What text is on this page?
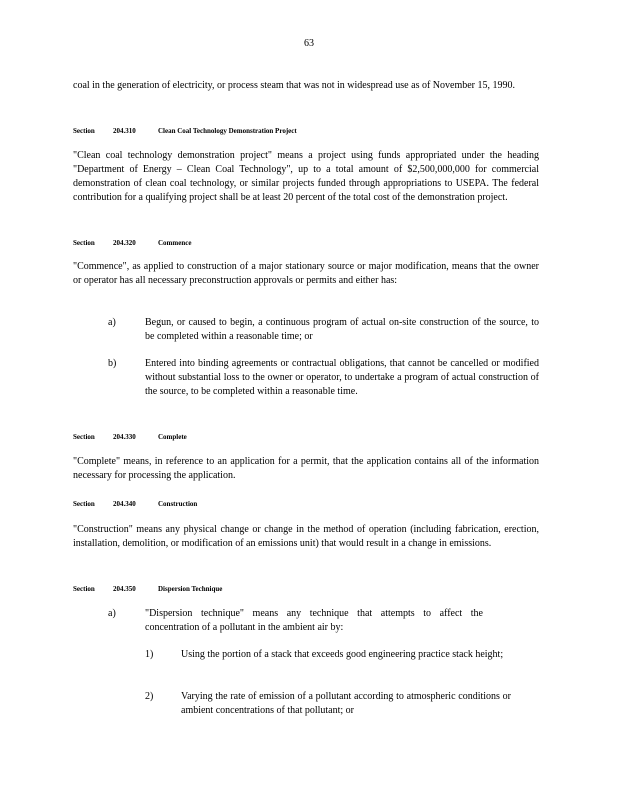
63
coal in the generation of electricity, or process steam that was not in widespread use as of November 15, 1990.
Section	204.310	Clean Coal Technology Demonstration Project
"Clean coal technology demonstration project" means a project using funds appropriated under the heading "Department of Energy – Clean Coal Technology", up to a total amount of $2,500,000,000 for commercial demonstration of clean coal technology, or similar projects funded through appropriations to USEPA. The federal contribution for a qualifying project shall be at least 20 percent of the total cost of the demonstration project.
Section	204.320	Commence
"Commence", as applied to construction of a major stationary source or major modification, means that the owner or operator has all necessary preconstruction approvals or permits and either has:
a)	Begun, or caused to begin, a continuous program of actual on-site construction of the source, to be completed within a reasonable time; or
b)	Entered into binding agreements or contractual obligations, that cannot be cancelled or modified without substantial loss to the owner or operator, to undertake a program of actual construction of the source, to be completed within a reasonable time.
Section	204.330	Complete
"Complete" means, in reference to an application for a permit, that the application contains all of the information necessary for processing the application.
Section	204.340	Construction
"Construction" means any physical change or change in the method of operation (including fabrication, erection, installation, demolition, or modification of an emissions unit) that would result in a change in emissions.
Section	204.350	Dispersion Technique
a)	"Dispersion technique" means any technique that attempts to affect the concentration of a pollutant in the ambient air by:
1)	Using the portion of a stack that exceeds good engineering practice stack height;
2)	Varying the rate of emission of a pollutant according to atmospheric conditions or ambient concentrations of that pollutant; or
